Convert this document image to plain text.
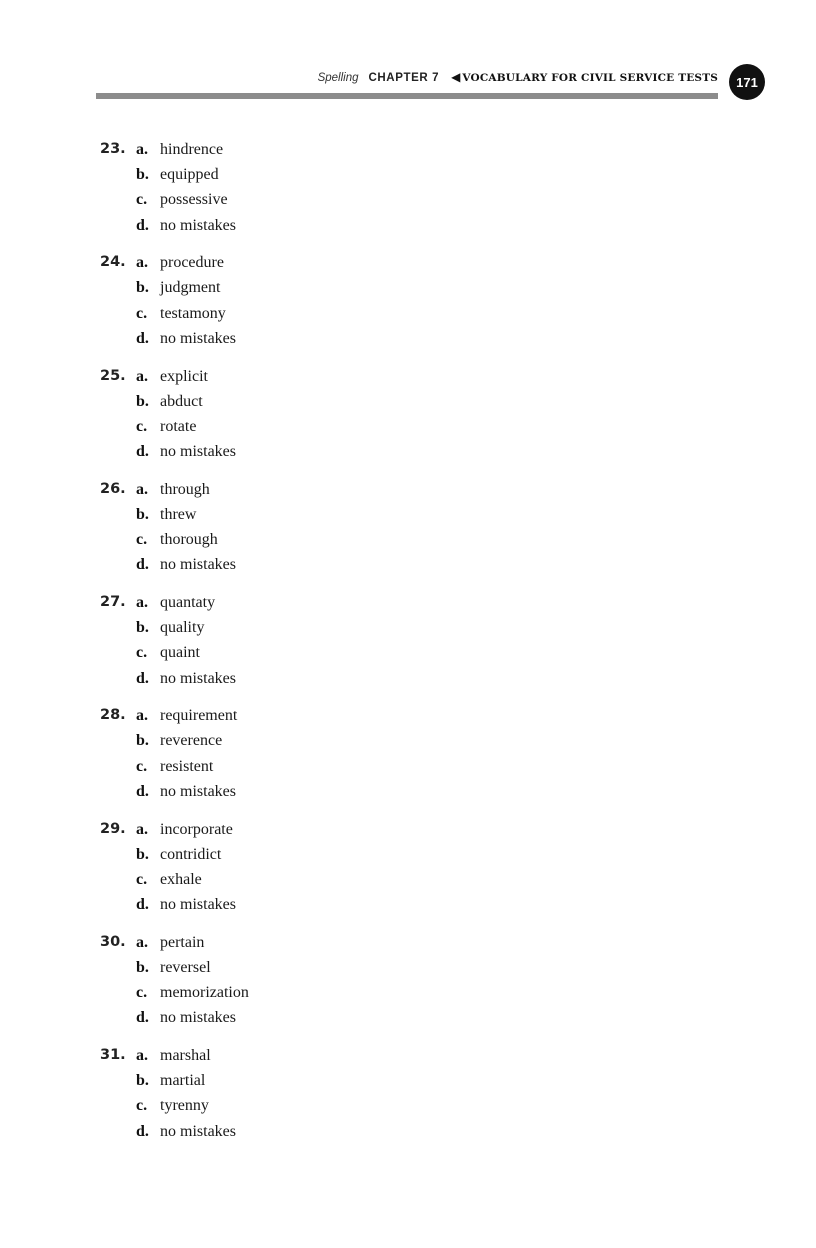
Spelling CHAPTER 7 ◀ VOCABULARY FOR CIVIL SERVICE TESTS 171
23. a. hindrence
b. equipped
c. possessive
d. no mistakes
24. a. procedure
b. judgment
c. testamony
d. no mistakes
25. a. explicit
b. abduct
c. rotate
d. no mistakes
26. a. through
b. threw
c. thorough
d. no mistakes
27. a. quantaty
b. quality
c. quaint
d. no mistakes
28. a. requirement
b. reverence
c. resistent
d. no mistakes
29. a. incorporate
b. contridict
c. exhale
d. no mistakes
30. a. pertain
b. reversel
c. memorization
d. no mistakes
31. a. marshal
b. martial
c. tyrenny
d. no mistakes
